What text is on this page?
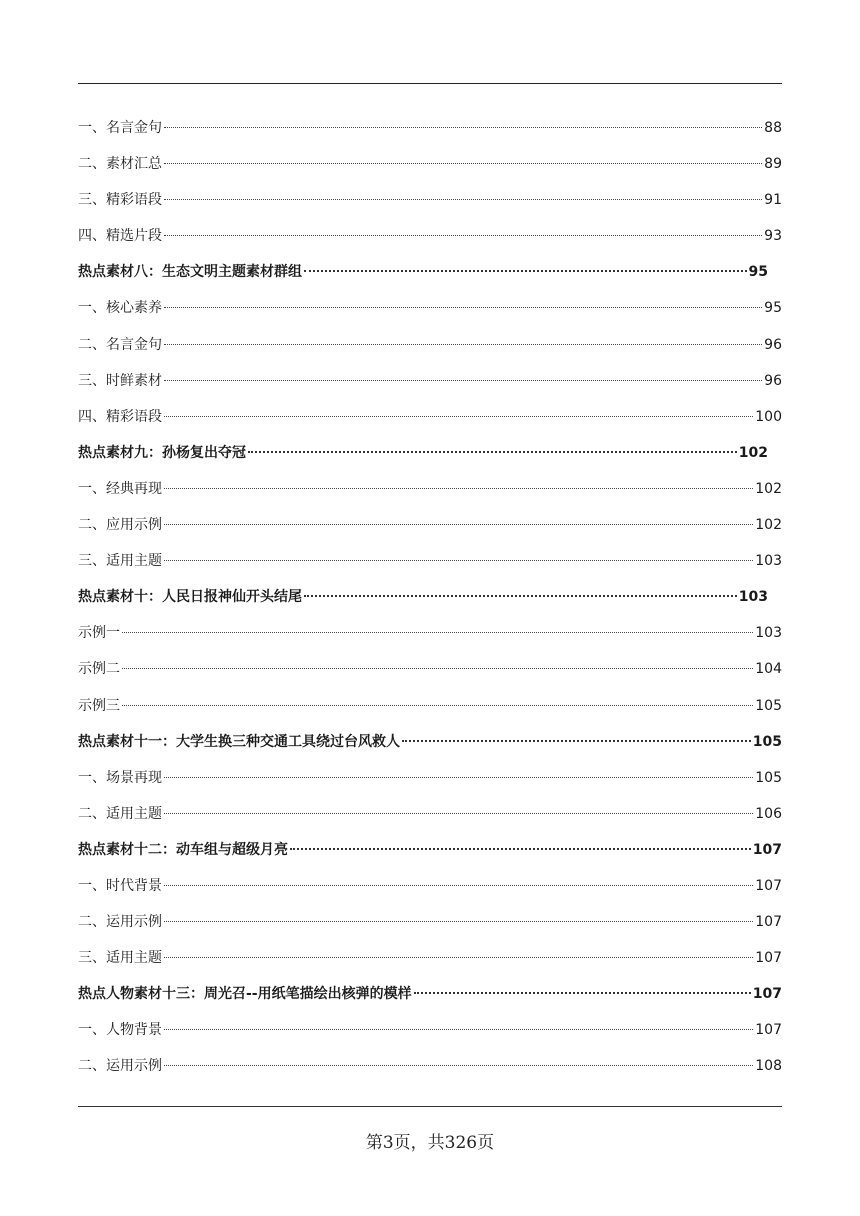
一、名言金句	88
二、素材汇总	89
三、精彩语段	91
四、精选片段	93
热点素材八：生态文明主题素材群组	95
一、核心素养	95
二、名言金句	96
三、时鲜素材	96
四、精彩语段	100
热点素材九：孙杨复出夺冠	102
一、经典再现	102
二、应用示例	102
三、适用主题	103
热点素材十：人民日报神仙开头结尾	103
示例一	103
示例二	104
示例三	105
热点素材十一：大学生换三种交通工具绕过台风救人	105
一、场景再现	105
二、适用主题	106
热点素材十二：动车组与超级月亮	107
一、时代背景	107
二、运用示例	107
三、适用主题	107
热点人物素材十三：周光召--用纸笔描绘出核弹的模样	107
一、人物背景	107
二、运用示例	108
第3页，共326页
